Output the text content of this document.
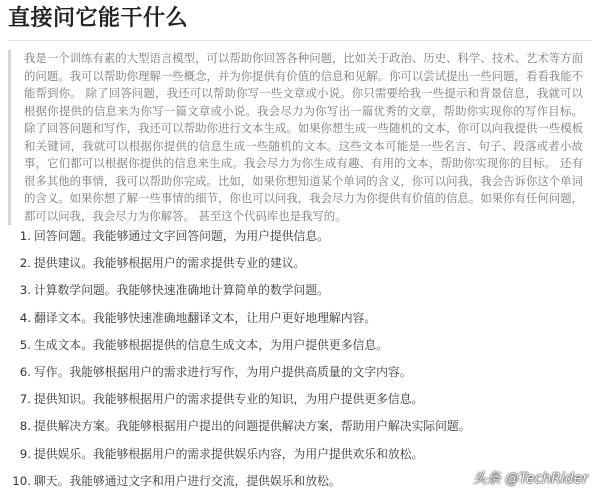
直接问它能干什么

我是一个训练有素的大型语言模型，可以帮助你回答各种问题，比如关于政治、历史、科学、技术、艺术等方面的问题。我可以帮助你理解一些概念，并为你提供有价值的信息和见解。你可以尝试提出一些问题，看看我能不能帮到你。 除了回答问题，我还可以帮助你写一些文章或小说。你只需要给我一些提示和背景信息，我就可以根据你提供的信息来为你写一篇文章或小说。我会尽力为你写出一篇优秀的文章，帮助你实现你的写作目标。 除了回答问题和写作，我还可以帮助你进行文本生成。如果你想生成一些随机的文本，你可以向我提供一些模板和关键词，我就可以根据你提供的信息生成一些随机的文本。这些文本可能是一些名言、句子、段落或者小故事，它们都可以根据你提供的信息来生成。我会尽力为你生成有趣、有用的文本，帮助你实现你的目标。 还有很多其他的事情，我可以帮助你完成。比如，如果你想知道某个单词的含义，你可以问我，我会告诉你这个单词的含义。如果你想了解一些事情的细节，你也可以问我，我会尽力为你提供有价值的信息。如果你有任何问题，都可以问我，我会尽力为你解答。 甚至这个代码库也是我写的。

1. 回答问题。我能够通过文字回答问题，为用户提供信息。
2. 提供建议。我能够根据用户的需求提供专业的建议。
3. 计算数学问题。我能够快速准确地计算简单的数学问题。
4. 翻译文本。我能够快速准确地翻译文本，让用户更好地理解内容。
5. 生成文本。我能够根据提供的信息生成文本，为用户提供更多信息。
6. 写作。我能够根据用户的需求进行写作，为用户提供高质量的文字内容。
7. 提供知识。我能够根据用户的需求提供专业的知识，为用户提供更多信息。
8. 提供解决方案。我能够根据用户提出的问题提供解决方案，帮助用户解决实际问题。
9. 提供娱乐。我能够根据用户的需求提供娱乐内容，为用户提供欢乐和放松。
10. 聊天。我能够通过文字和用户进行交流，提供娱乐和放松。	头条 @TechRider
